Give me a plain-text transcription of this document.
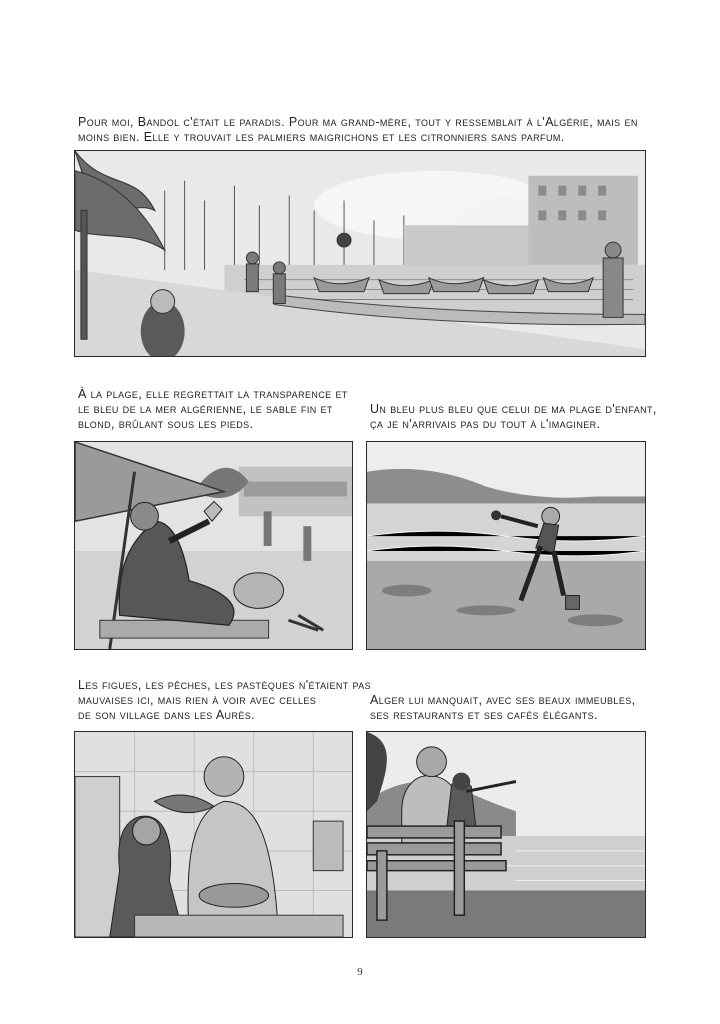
Pour moi, Bandol c'était le paradis. Pour ma grand-mère, tout y ressemblait à l'Algérie, mais en
moins bien. Elle y trouvait les palmiers maigrichons et les citronniers sans parfum.
À la plage, elle regrettait la transparence et
le bleu de la mer algérienne, le sable fin et
blond, brûlant sous les pieds.
Un bleu plus bleu que celui de ma plage d'enfant,
ça je n'arrivais pas du tout à l'imaginer.
Les figues, les pêches, les pastèques n'étaient pas
mauvaises ici, mais rien à voir avec celles
de son village dans les Aurès.
Alger lui manquait, avec ses beaux immeubles,
ses restaurants et ses cafés élégants.
9
